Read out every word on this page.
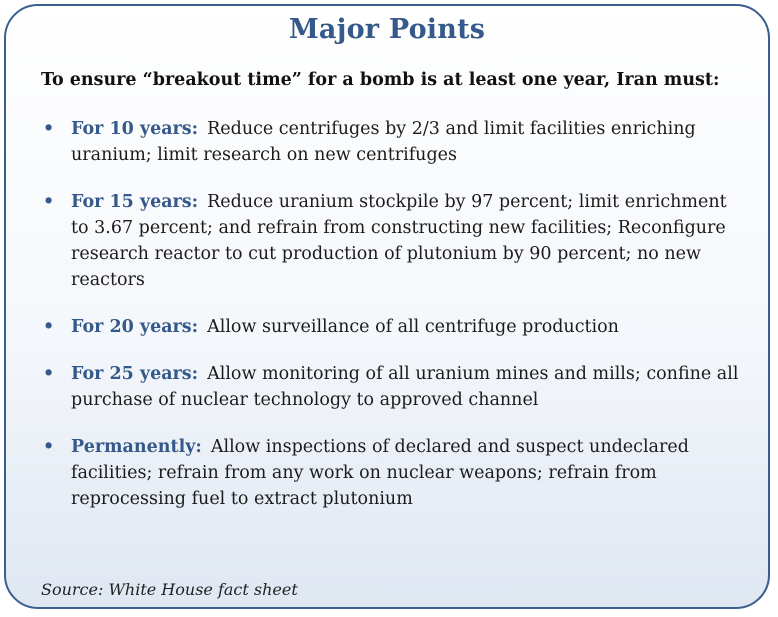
Major Points
To ensure “breakout time” for a bomb is at least one year, Iran must:
• For 10 years: Reduce centrifuges by 2/3 and limit facilities enriching uranium; limit research on new centrifuges
• For 15 years: Reduce uranium stockpile by 97 percent; limit enrichment to 3.67 percent; and refrain from constructing new facilities; Reconfigure research reactor to cut production of plutonium by 90 percent; no new reactors
• For 20 years: Allow surveillance of all centrifuge production
• For 25 years: Allow monitoring of all uranium mines and mills; confine all purchase of nuclear technology to approved channel
• Permanently: Allow inspections of declared and suspect undeclared facilities; refrain from any work on nuclear weapons; refrain from reprocessing fuel to extract plutonium
Source: White House fact sheet
